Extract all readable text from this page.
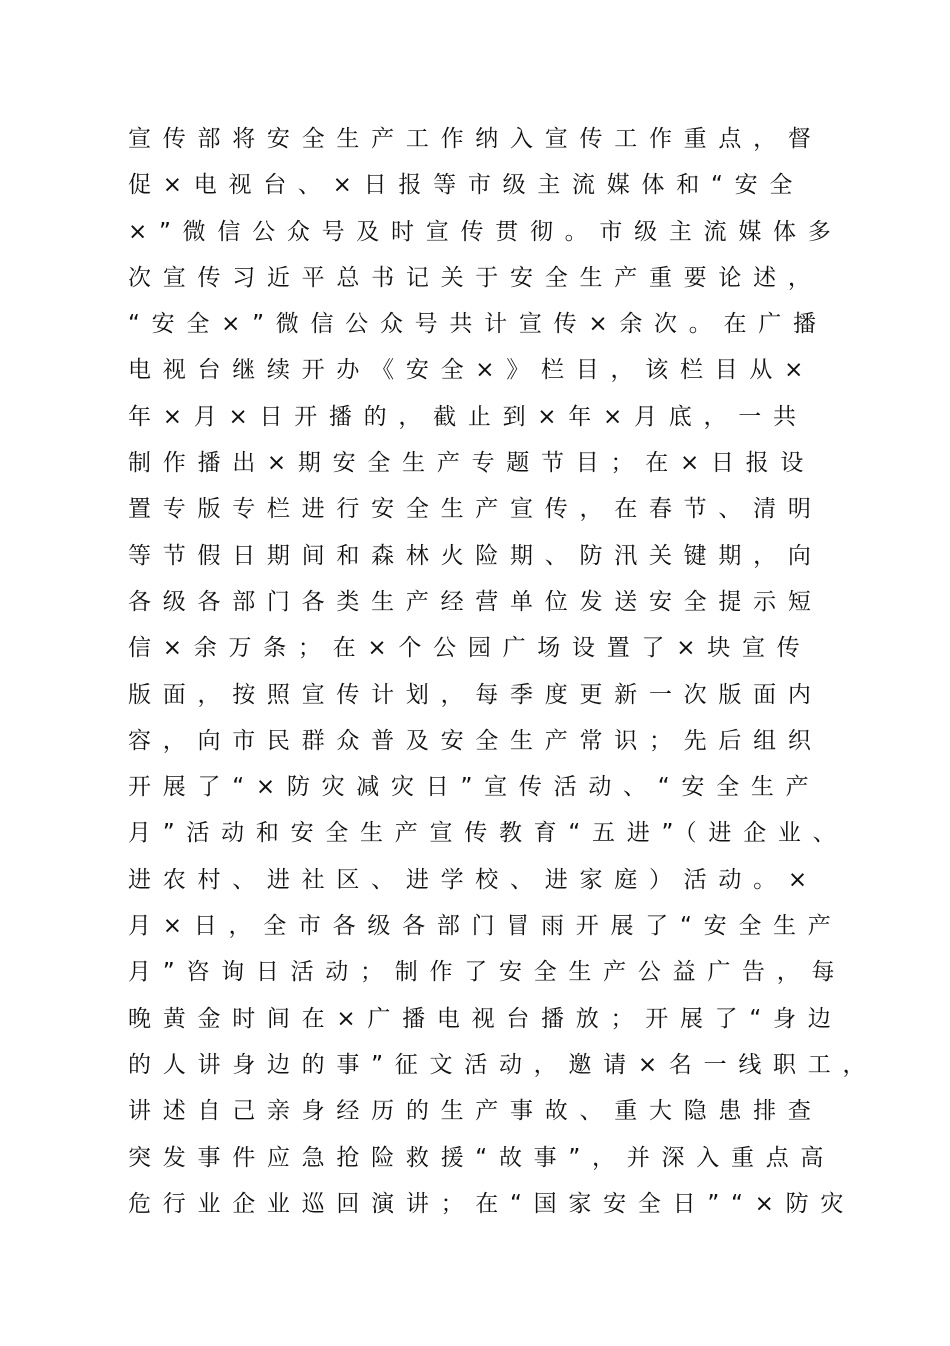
宣传部将安全生产工作纳入宣传工作重点，督
促×电视台、×日报等市级主流媒体和“安全
×”微信公众号及时宣传贯彻。市级主流媒体多
次宣传习近平总书记关于安全生产重要论述，
“安全×”微信公众号共计宣传×余次。在广播
电视台继续开办《安全×》栏目，该栏目从×
年×月×日开播的，截止到×年×月底，一共
制作播出×期安全生产专题节目；在×日报设
置专版专栏进行安全生产宣传，在春节、清明
等节假日期间和森林火险期、防汛关键期，向
各级各部门各类生产经营单位发送安全提示短
信×余万条；在×个公园广场设置了×块宣传
版面，按照宣传计划，每季度更新一次版面内
容，向市民群众普及安全生产常识；先后组织
开展了“×防灾减灾日”宣传活动、“安全生产
月”活动和安全生产宣传教育“五进”（进企业、
进农村、进社区、进学校、进家庭）活动。×
月×日，全市各级各部门冒雨开展了“安全生产
月”咨询日活动；制作了安全生产公益广告，每
晚黄金时间在×广播电视台播放；开展了“身边
的人讲身边的事”征文活动，邀请×名一线职工，
讲述自己亲身经历的生产事故、重大隐患排查
突发事件应急抢险救援“故事”，并深入重点高
危行业企业巡回演讲；在“国家安全日”“×防灾
